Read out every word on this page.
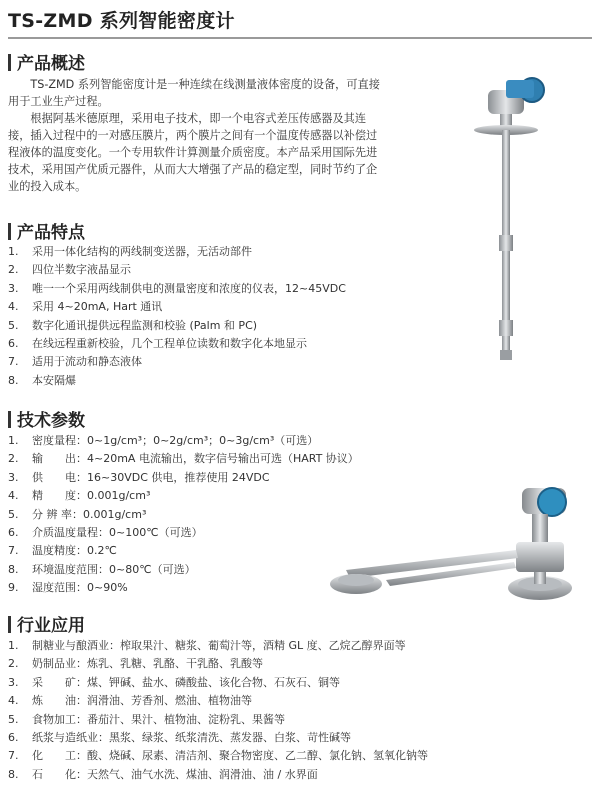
TS-ZMD 系列智能密度计
产品概述

TS-ZMD 系列智能密度计是一种连续在线测量液体密度的设备，可直接用于工业生产过程。

根据阿基米德原理，采用电子技术，即一个电容式差压传感器及其连接，插入过程中的一对感压膜片，两个膜片之间有一个温度传感器以补偿过程液体的温度变化。一个专用软件计算测量介质密度。本产品采用国际先进技术，采用国产优质元器件，从而大大增强了产品的稳定型，同时节约了企业的投入成本。

产品特点
1. 采用一体化结构的两线制变送器，无活动部件
2. 四位半数字液晶显示
3. 唯一一个采用两线制供电的测量密度和浓度的仪表，12~45VDC
4. 采用 4~20mA, Hart 通讯
5. 数字化通讯提供远程监测和校验 (Palm 和 PC)
6. 在线远程重新校验，几个工程单位读数和数字化本地显示
7. 适用于流动和静态液体
8. 本安隔爆
技术参数
1. 密度量程：0~1g/cm³；0~2g/cm³；0~3g/cm³（可选）
2. 输　　出：4~20mA 电流输出，数字信号输出可选（HART 协议）
3. 供　　电：16~30VDC 供电，推荐使用 24VDC
4. 精　　度：0.001g/cm³
5. 分 辨 率：0.001g/cm³
6. 介质温度量程：0~100℃（可选）
7. 温度精度：0.2℃
8. 环境温度范围：0~80℃（可选）
9. 湿度范围：0~90%
行业应用
1. 制糖业与酿酒业：榨取果汁、糖浆、葡萄汁等，酒精 GL 度、乙烷乙醇界面等
2. 奶制品业：炼乳、乳糖、乳酪、干乳酪、乳酸等
3. 采　　矿：煤、钾碱、盐水、磷酸盐、该化合物、石灰石、铜等
4. 炼　　油：润滑油、芳香剂、燃油、植物油等
5. 食物加工：番茄汁、果汁、植物油、淀粉乳、果酱等
6. 纸浆与造纸业：黑浆、绿浆、纸浆清洗、蒸发器、白浆、苛性碱等
7. 化　　工：酸、烧碱、尿素、清洁剂、聚合物密度、乙二醇、氯化钠、氢氧化钠等
8. 石　　化：天然气、油气水洗、煤油、润滑油、油 / 水界面
